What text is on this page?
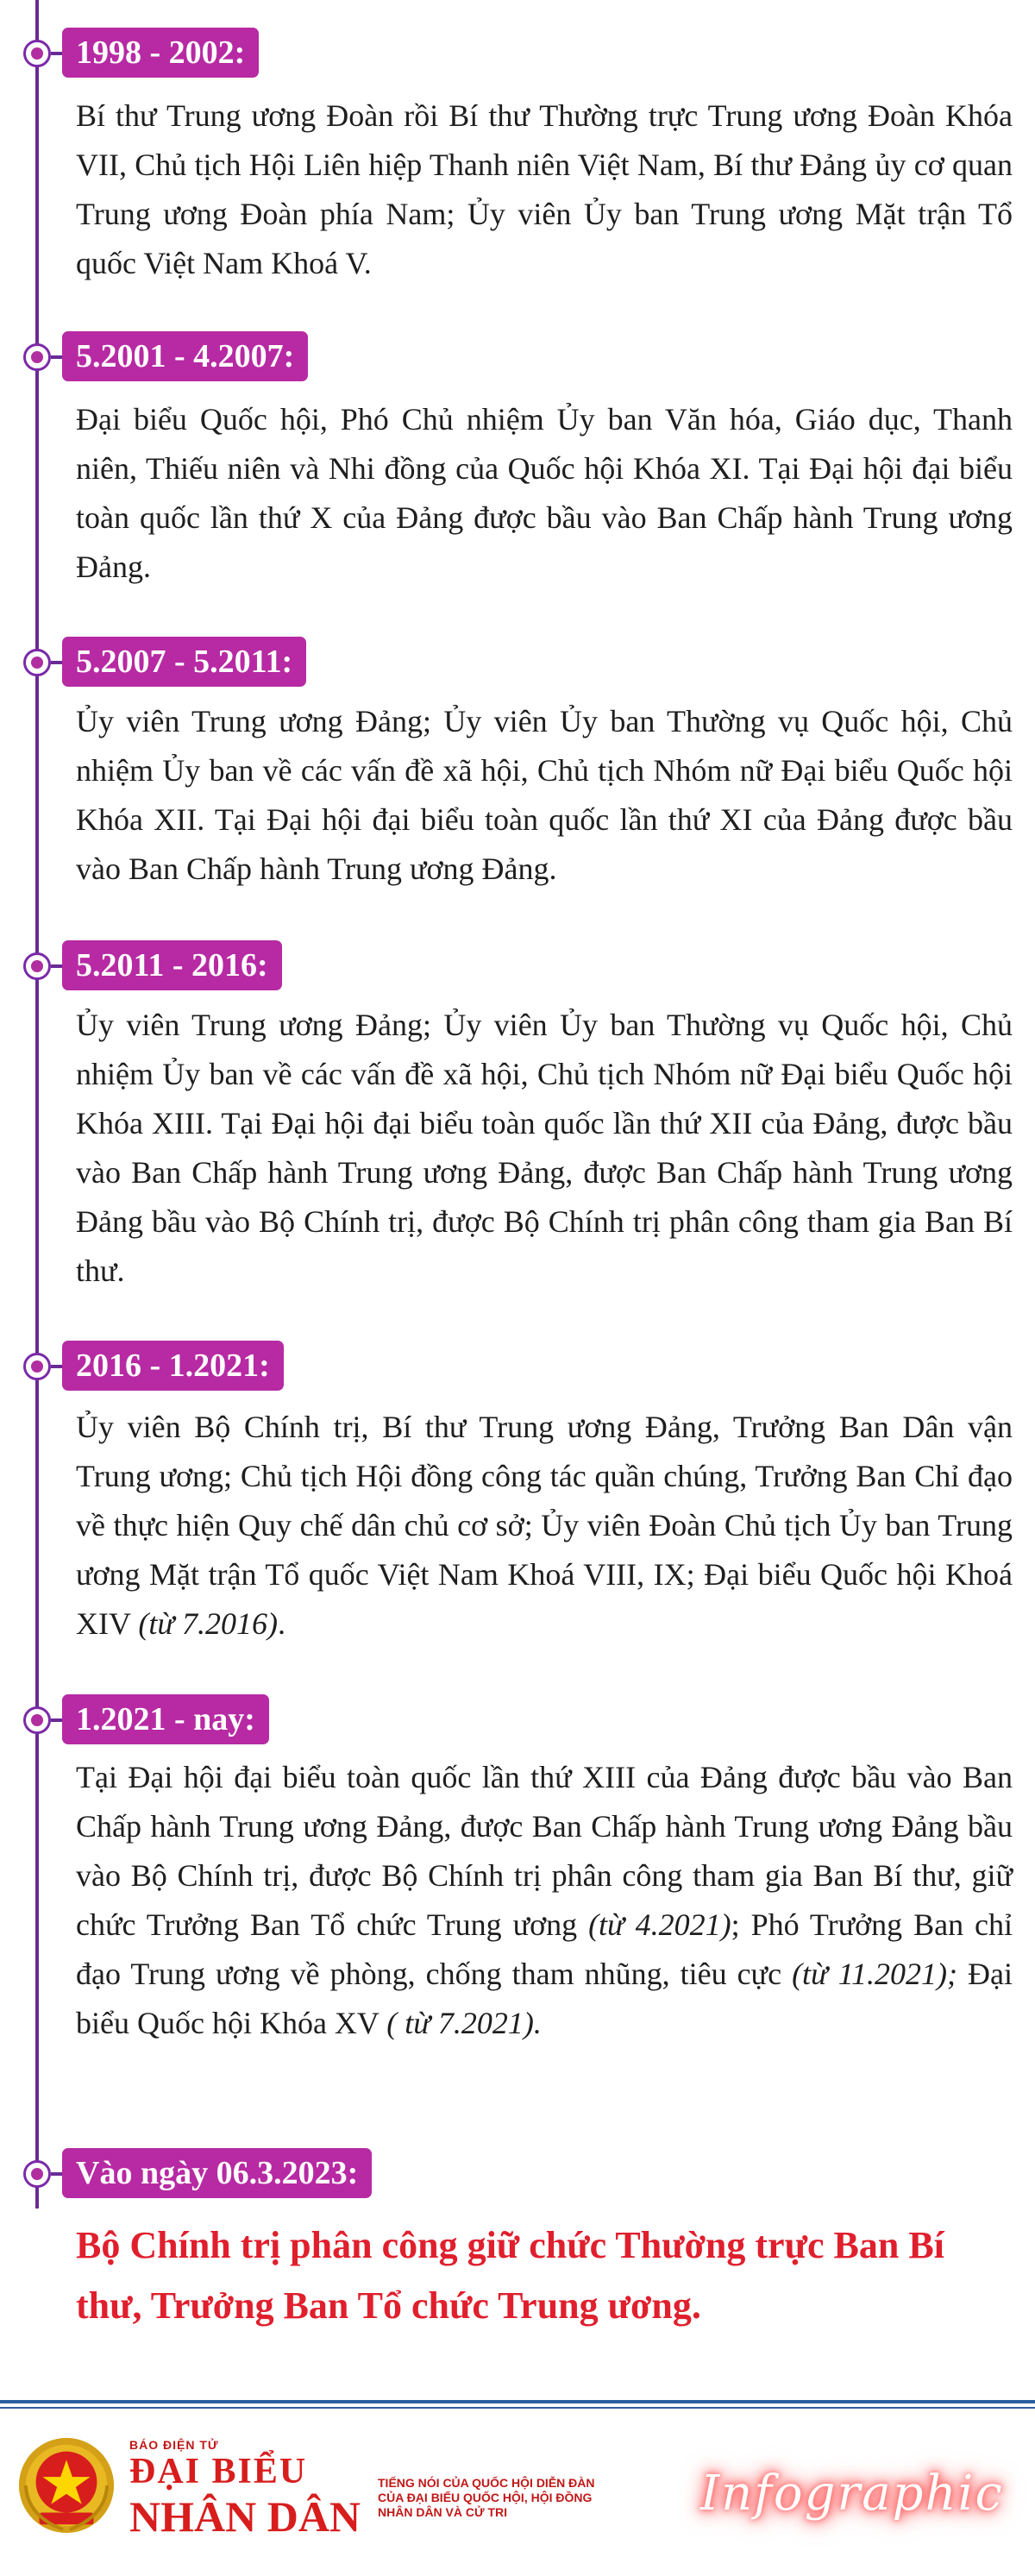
1998 - 2002:
Bí thư Trung ương Đoàn rồi Bí thư Thường trực Trung ương Đoàn Khóa VII, Chủ tịch Hội Liên hiệp Thanh niên Việt Nam, Bí thư Đảng ủy cơ quan Trung ương Đoàn phía Nam; Ủy viên Ủy ban Trung ương Mặt trận Tổ quốc Việt Nam Khoá V.
5.2001 - 4.2007:
Đại biểu Quốc hội, Phó Chủ nhiệm Ủy ban Văn hóa, Giáo dục, Thanh niên, Thiếu niên và Nhi đồng của Quốc hội Khóa XI. Tại Đại hội đại biểu toàn quốc lần thứ X của Đảng được bầu vào Ban Chấp hành Trung ương Đảng.
5.2007 - 5.2011:
Ủy viên Trung ương Đảng; Ủy viên Ủy ban Thường vụ Quốc hội, Chủ nhiệm Ủy ban về các vấn đề xã hội, Chủ tịch Nhóm nữ Đại biểu Quốc hội Khóa XII. Tại Đại hội đại biểu toàn quốc lần thứ XI của Đảng được bầu vào Ban Chấp hành Trung ương Đảng.
5.2011 - 2016:
Ủy viên Trung ương Đảng; Ủy viên Ủy ban Thường vụ Quốc hội, Chủ nhiệm Ủy ban về các vấn đề xã hội, Chủ tịch Nhóm nữ Đại biểu Quốc hội Khóa XIII. Tại Đại hội đại biểu toàn quốc lần thứ XII của Đảng, được bầu vào Ban Chấp hành Trung ương Đảng, được Ban Chấp hành Trung ương Đảng bầu vào Bộ Chính trị, được Bộ Chính trị phân công tham gia Ban Bí thư.
2016 - 1.2021:
Ủy viên Bộ Chính trị, Bí thư Trung ương Đảng, Trưởng Ban Dân vận Trung ương; Chủ tịch Hội đồng công tác quần chúng, Trưởng Ban Chỉ đạo về thực hiện Quy chế dân chủ cơ sở; Ủy viên Đoàn Chủ tịch Ủy ban Trung ương Mặt trận Tổ quốc Việt Nam Khoá VIII, IX; Đại biểu Quốc hội Khoá XIV (từ 7.2016).
1.2021 - nay:
Tại Đại hội đại biểu toàn quốc lần thứ XIII của Đảng được bầu vào Ban Chấp hành Trung ương Đảng, được Ban Chấp hành Trung ương Đảng bầu vào Bộ Chính trị, được Bộ Chính trị phân công tham gia Ban Bí thư, giữ chức Trưởng Ban Tổ chức Trung ương (từ 4.2021); Phó Trưởng Ban chỉ đạo Trung ương về phòng, chống tham nhũng, tiêu cực (từ 11.2021); Đại biểu Quốc hội Khóa XV ( từ 7.2021).
Vào ngày 06.3.2023:
Bộ Chính trị phân công giữ chức Thường trực Ban Bí thư, Trưởng Ban Tổ chức Trung ương.
BÁO ĐIỆN TỬ
ĐẠI BIỂU
NHÂN DÂN
TIẾNG NÓI CỦA QUỐC HỘI DIỄN ĐÀN CỦA ĐẠI BIỂU QUỐC HỘI, HỘI ĐỒNG NHÂN DÂN VÀ CỬ TRI	Infographic
